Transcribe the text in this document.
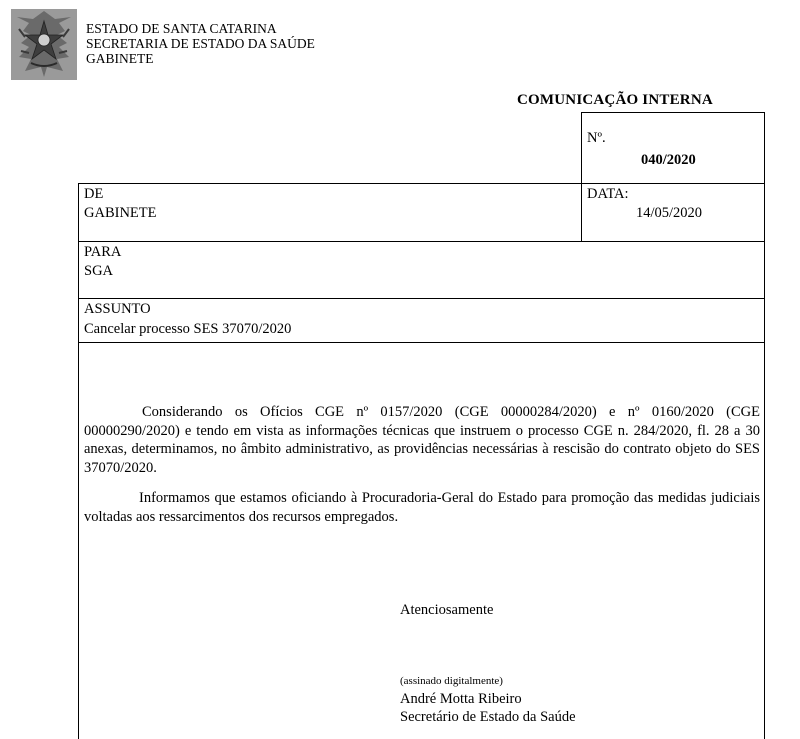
ESTADO DE SANTA CATARINA
SECRETARIA DE ESTADO DA SAÚDE
GABINETE
COMUNICAÇÃO INTERNA
Nº.
040/2020
DE
GABINETE
DATA:
14/05/2020
PARA
SGA
ASSUNTO
Cancelar processo SES 37070/2020

Considerando os Ofícios CGE nº 0157/2020 (CGE 00000284/2020) e nº 0160/2020 (CGE 00000290/2020) e tendo em vista as informações técnicas que instruem o processo CGE n. 284/2020, fl. 28 a 30 anexas, determinamos, no âmbito administrativo, as providências necessárias à rescisão do contrato objeto do SES 37070/2020.

Informamos que estamos oficiando à Procuradoria-Geral do Estado para promoção das medidas judiciais voltadas aos ressarcimentos dos recursos empregados.

Atenciosamente
(assinado digitalmente)
André Motta Ribeiro
Secretário de Estado da Saúde
